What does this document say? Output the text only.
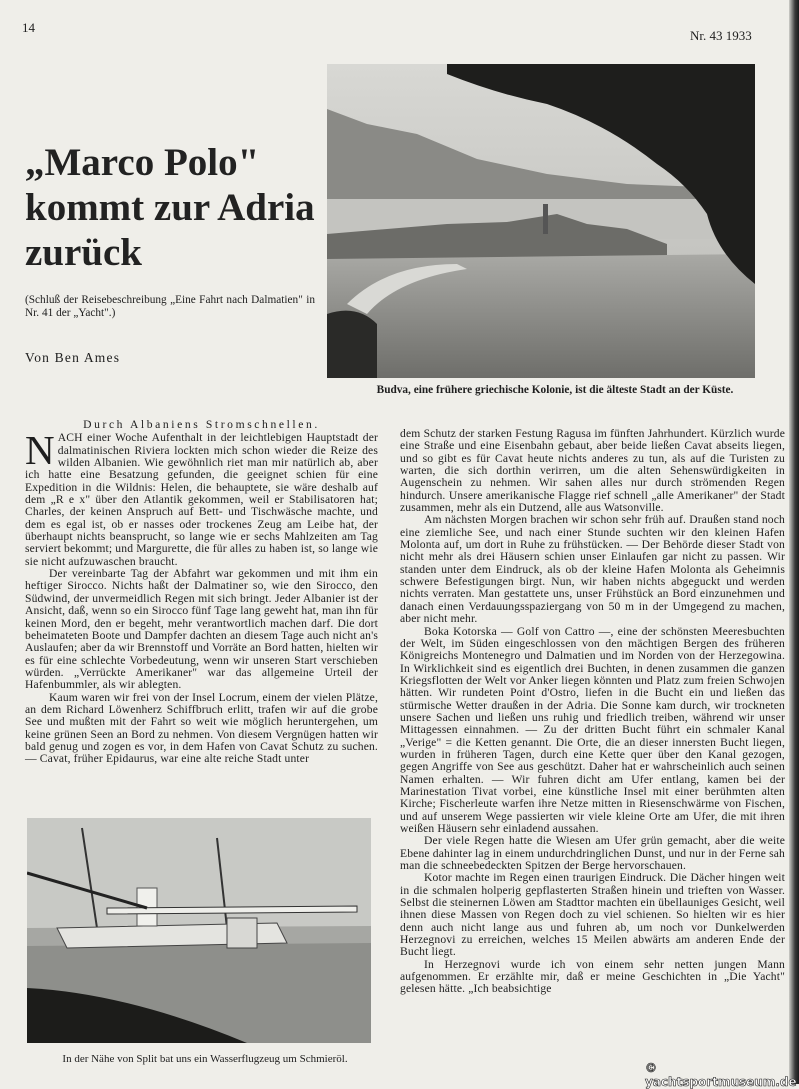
14
Nr. 43 1933
„Marco Polo" kommt zur Adria zurück
(Schluß der Reisebeschreibung „Eine Fahrt nach Dalmatien" in Nr. 41 der „Yacht".)
Von Ben Ames
Budva, eine frühere griechische Kolonie, ist die älteste Stadt an der Küste.
Durch Albaniens Stromschnellen.

NACH einer Woche Aufenthalt in der leichtlebigen Hauptstadt der dalmatinischen Riviera lockten mich schon wieder die Reize des wilden Albanien. Wie gewöhnlich riet man mir natürlich ab, aber ich hatte eine Besatzung gefunden, die geeignet schien für eine Expedition in die Wildnis: Helen, die behauptete, sie wäre deshalb auf dem „R e x" über den Atlantik gekommen, weil er Stabilisatoren hat; Charles, der keinen Anspruch auf Bett- und Tischwäsche machte, und dem es egal ist, ob er nasses oder trockenes Zeug am Leibe hat, der überhaupt nichts beansprucht, so lange wie er sechs Mahlzeiten am Tag serviert bekommt; und Margurette, die für alles zu haben ist, so lange wie sie nicht aufzuwaschen braucht.

Der vereinbarte Tag der Abfahrt war gekommen und mit ihm ein heftiger Sirocco. Nichts haßt der Dalmatiner so, wie den Sirocco, den Südwind, der unvermeidlich Regen mit sich bringt. Jeder Albanier ist der Ansicht, daß, wenn so ein Sirocco fünf Tage lang geweht hat, man ihn für keinen Mord, den er begeht, mehr verantwortlich machen darf. Die dort beheimateten Boote und Dampfer dachten an diesem Tage auch nicht an's Auslaufen; aber da wir Brennstoff und Vorräte an Bord hatten, hielten wir es für eine schlechte Vorbedeutung, wenn wir unseren Start verschieben würden. „Verrückte Amerikaner" war das allgemeine Urteil der Hafenbummler, als wir ablegten.

Kaum waren wir frei von der Insel Locrum, einem der vielen Plätze, an dem Richard Löwenherz Schiffbruch erlitt, trafen wir auf die grobe See und mußten mit der Fahrt so weit wie möglich heruntergehen, um keine grünen Seen an Bord zu nehmen. Von diesem Vergnügen hatten wir bald genug und zogen es vor, in dem Hafen von Cavat Schutz zu suchen. — Cavat, früher Epidaurus, war eine alte reiche Stadt unter

dem Schutz der starken Festung Ragusa im fünften Jahrhundert. Kürzlich wurde eine Straße und eine Eisenbahn gebaut, aber beide ließen Cavat abseits liegen, und so gibt es für Cavat heute nichts anderes zu tun, als auf die Turisten zu warten, die sich dorthin verirren, um die alten Sehenswürdigkeiten in Augenschein zu nehmen. Wir sahen alles nur durch strömenden Regen hindurch. Unsere amerikanische Flagge rief schnell „alle Amerikaner" der Stadt zusammen, mehr als ein Dutzend, alle aus Watsonville.

Am nächsten Morgen brachen wir schon sehr früh auf. Draußen stand noch eine ziemliche See, und nach einer Stunde suchten wir den kleinen Hafen Molonta auf, um dort in Ruhe zu frühstücken. — Der Behörde dieser Stadt von nicht mehr als drei Häusern schien unser Einlaufen gar nicht zu passen. Wir standen unter dem Eindruck, als ob der kleine Hafen Molonta als Geheimnis schwere Befestigungen birgt. Nun, wir haben nichts abgeguckt und werden nichts verraten. Man gestattete uns, unser Frühstück an Bord einzunehmen und danach einen Verdauungsspaziergang von 50 m in der Umgegend zu machen, aber nicht mehr.

Boka Kotorska — Golf von Cattro —, eine der schönsten Meeresbuchten der Welt, im Süden eingeschlossen von den mächtigen Bergen des früheren Königreichs Montenegro und Dalmatien und im Norden von der Herzegowina. In Wirklichkeit sind es eigentlich drei Buchten, in denen zusammen die ganzen Kriegsflotten der Welt vor Anker liegen könnten und Platz zum freien Schwojen hätten. Wir rundeten Point d'Ostro, liefen in die Bucht ein und ließen das stürmische Wetter draußen in der Adria. Die Sonne kam durch, wir trockneten unsere Sachen und ließen uns ruhig und friedlich treiben, während wir unser Mittagessen einnahmen. — Zu der dritten Bucht führt ein schmaler Kanal „Verige" = die Ketten genannt. Die Orte, die an dieser innersten Bucht liegen, wurden in früheren Tagen, durch eine Kette quer über den Kanal gezogen, gegen Angriffe von See aus geschützt. Daher hat er wahrscheinlich auch seinen Namen erhalten. — Wir fuhren dicht am Ufer entlang, kamen bei der Marinestation Tivat vorbei, eine künstliche Insel mit einer berühmten alten Kirche; Fischerleute warfen ihre Netze mitten in Riesenschwärme von Fischen, und auf unserem Wege passierten wir viele kleine Orte am Ufer, die mit ihren weißen Häusern sehr einladend aussahen.

Der viele Regen hatte die Wiesen am Ufer grün gemacht, aber die weite Ebene dahinter lag in einem undurchdringlichen Dunst, und nur in der Ferne sah man die schneebedeckten Spitzen der Berge hervorschauen.

Kotor machte im Regen einen traurigen Eindruck. Die Dächer hingen weit in die schmalen holperig gepflasterten Straßen hinein und trieften von Wasser. Selbst die steinernen Löwen am Stadttor machten ein übellauniges Gesicht, weil ihnen diese Massen von Regen doch zu viel schienen. So hielten wir es hier denn auch nicht lange aus und fuhren ab, um noch vor Dunkelwerden Herzegnovi zu erreichen, welches 15 Meilen abwärts am anderen Ende der Bucht liegt.

In Herzegnovi wurde ich von einem sehr netten jungen Mann aufgenommen. Er erzählte mir, daß er meine Geschichten in „Die Yacht" gelesen hätte. „Ich beabsichtige

In der Nähe von Split bat uns ein Wasserflugzeug um Schmieröl.
© yachtsportmuseum.de
